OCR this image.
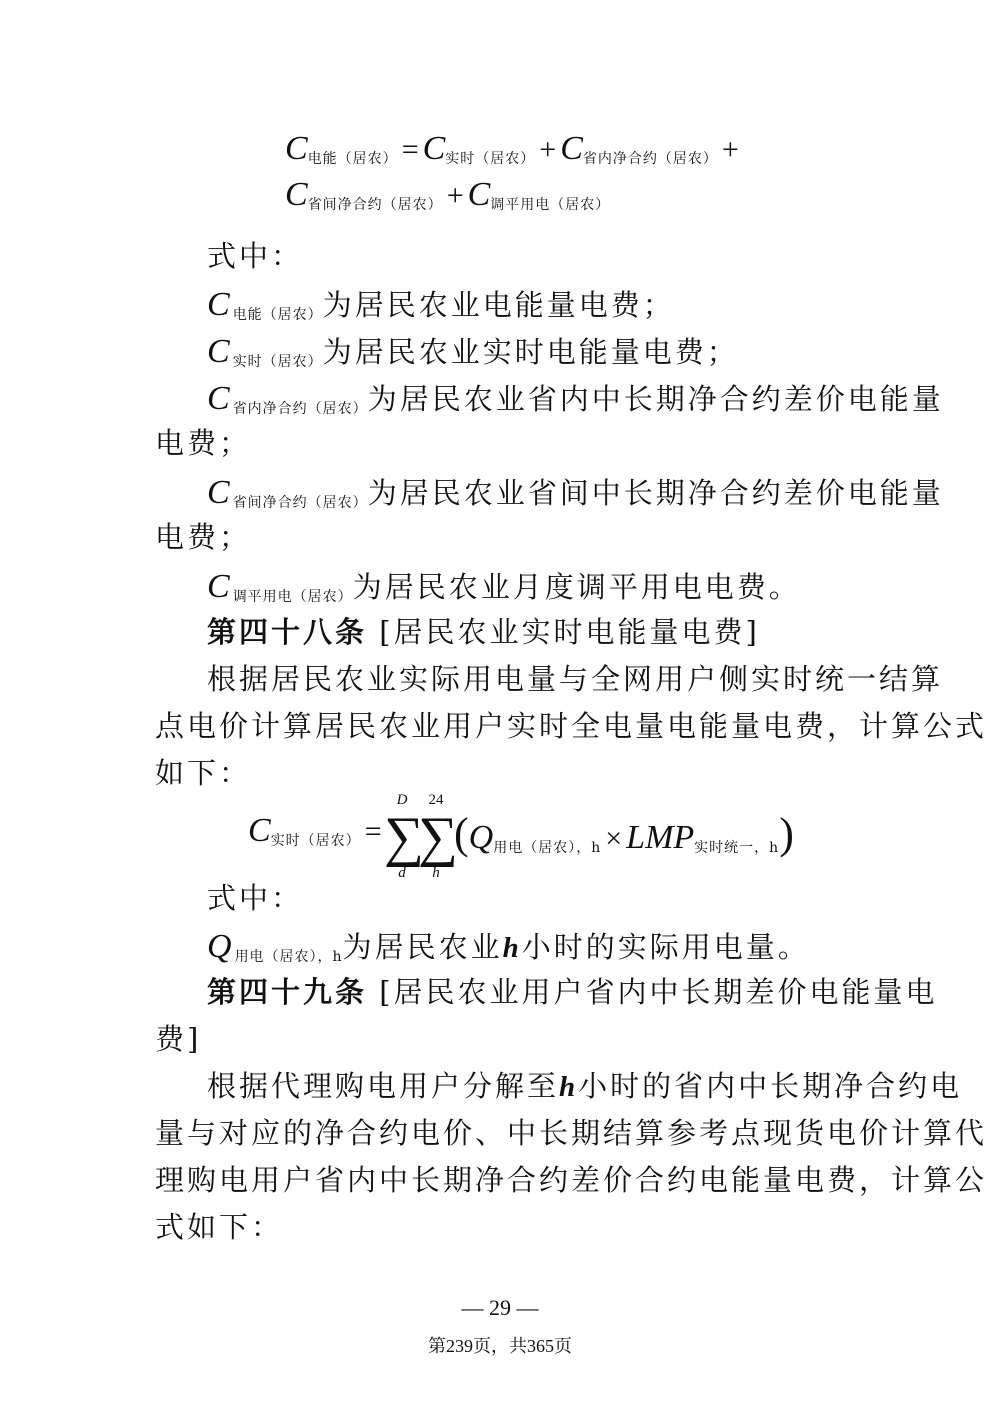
C电能（居农） = C实时（居农） + C省内净合约（居农） +
C省间净合约（居农） + C调平用电（居农）
式中：
$C_{电能(居农)}$为居民农业电能量电费；
$C_{实时(居农)}$为居民农业实时电能量电费；
$C_{省内净合约(居农)}$为居民农业省内中长期净合约差价电能量
电费；
$C_{省间净合约(居农)}$为居民农业省间中长期净合约差价电能量
电费；
$C_{调平用电(居农)}$为居民农业月度调平用电电费。
第四十八条 [居民农业实时电能量电费]
根据居民农业实际用电量与全网用户侧实时统一结算
点电价计算居民农业用户实时全电量电能量电费，计算公式
如下：
C实时（居农） =
D
∑
d
24
∑
h
(Q用电（居农），h × LMP实时统一，h)
式中：
$Q_{用电(居农),h}$为居民农业h小时的实际用电量。
第四十九条 [居民农业用户省内中长期差价电能量电
费]
根据代理购电用户分解至h小时的省内中长期净合约电
量与对应的净合约电价、中长期结算参考点现货电价计算代
理购电用户省内中长期净合约差价合约电能量电费，计算公
式如下：
— 29 —
第239页，共365页
